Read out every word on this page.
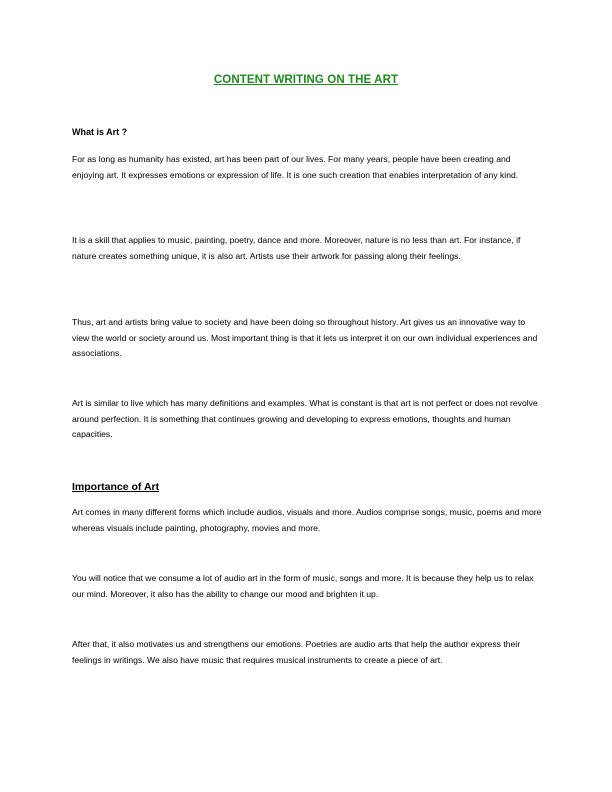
CONTENT WRITING ON THE ART
What is Art ?

For as long as humanity has existed, art has been part of our lives. For many years, people have been creating and enjoying art. It expresses emotions or expression of life. It is one such creation that enables interpretation of any kind.

It is a skill that applies to music, painting, poetry, dance and more. Moreover, nature is no less than art. For instance, if nature creates something unique, it is also art. Artists use their artwork for passing along their feelings.

Thus, art and artists bring value to society and have been doing so throughout history. Art gives us an innovative way to view the world or society around us. Most important thing is that it lets us interpret it on our own individual experiences and associations.

Art is similar to live which has many definitions and examples. What is constant is that art is not perfect or does not revolve around perfection. It is something that continues growing and developing to express emotions, thoughts and human capacities.

Importance of Art

Art comes in many different forms which include audios, visuals and more. Audios comprise songs, music, poems and more whereas visuals include painting, photography, movies and more.

You will notice that we consume a lot of audio art in the form of music, songs and more. It is because they help us to relax our mind. Moreover, it also has the ability to change our mood and brighten it up.

After that, it also motivates us and strengthens our emotions. Poetries are audio arts that help the author express their feelings in writings. We also have music that requires musical instruments to create a piece of art.
